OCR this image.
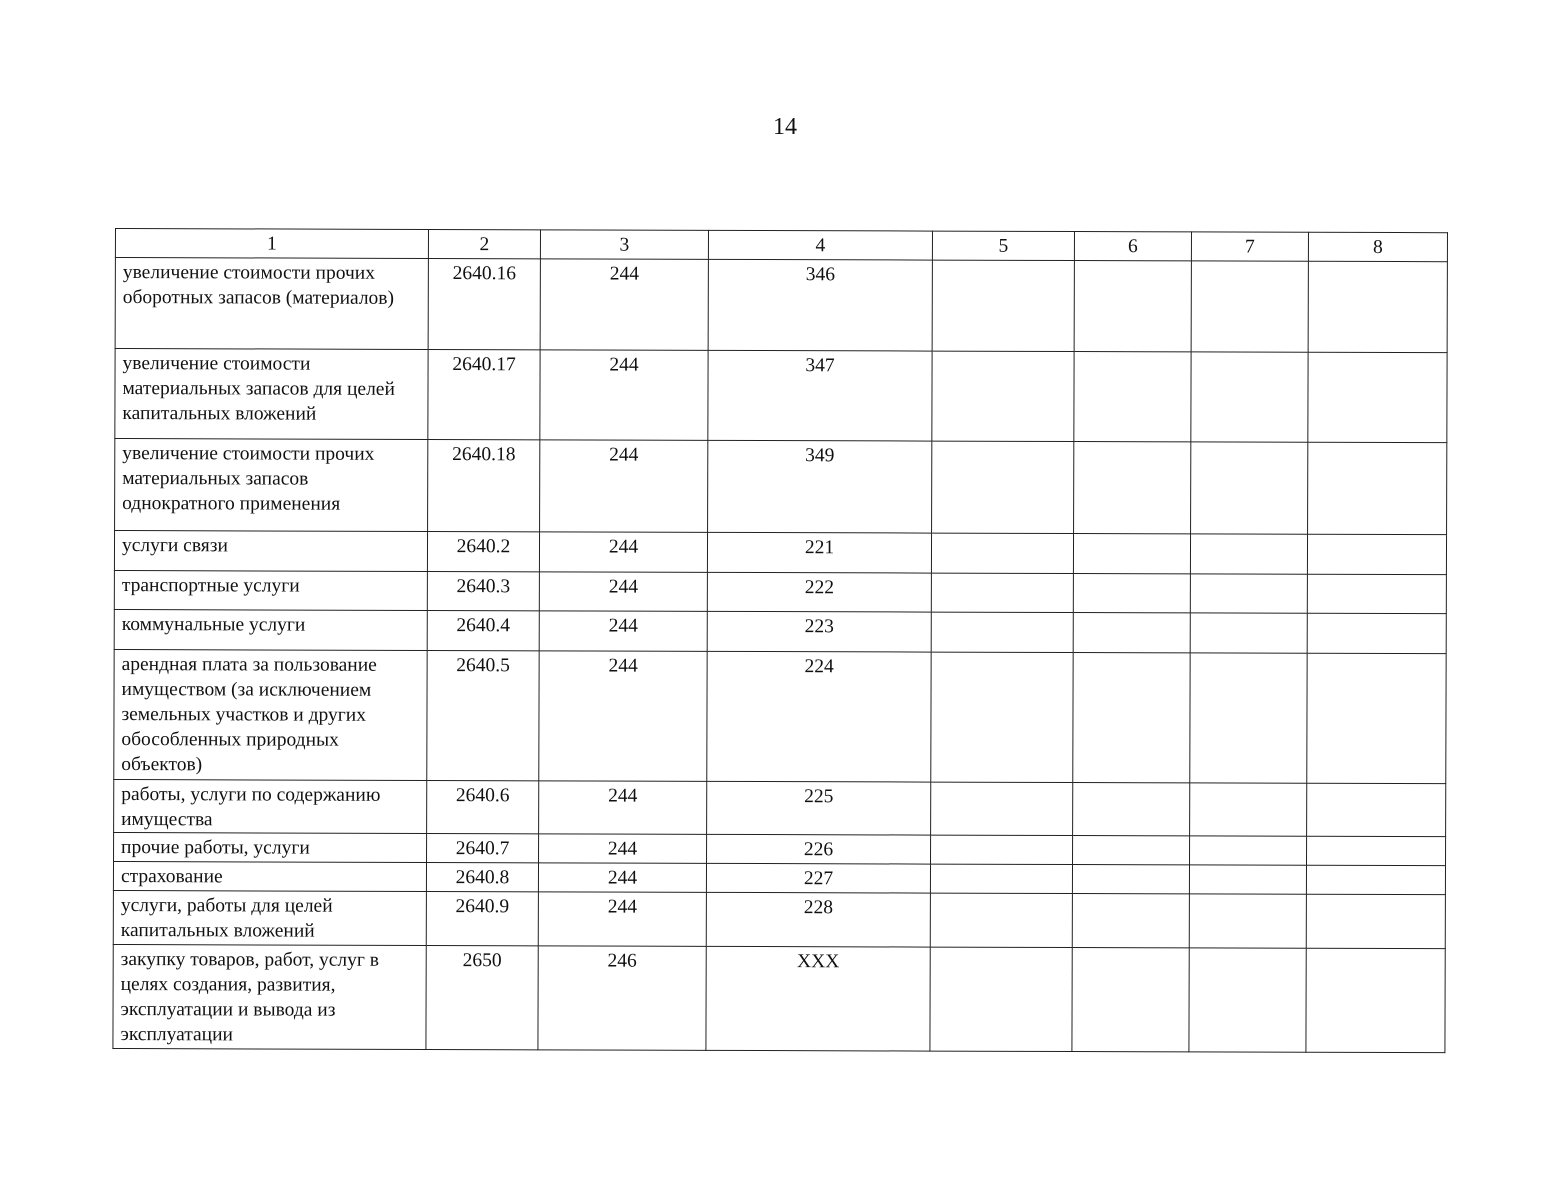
14
1	2	3	4	5	6	7	8
увеличение стоимости прочих оборотных запасов (материалов)	2640.16	244	346				
увеличение стоимости материальных запасов для целей капитальных вложений	2640.17	244	347				
увеличение стоимости прочих материальных запасов однократного применения	2640.18	244	349				
услуги связи	2640.2	244	221				
транспортные услуги	2640.3	244	222				
коммунальные услуги	2640.4	244	223				
арендная плата за пользование имуществом (за исключением земельных участков и других обособленных природных объектов)	2640.5	244	224				
работы, услуги по содержанию имущества	2640.6	244	225				
прочие работы, услуги	2640.7	244	226				
страхование	2640.8	244	227				
услуги, работы для целей капитальных вложений	2640.9	244	228				
закупку товаров, работ, услуг в целях создания, развития, эксплуатации и вывода из эксплуатации	2650	246	XXX				
